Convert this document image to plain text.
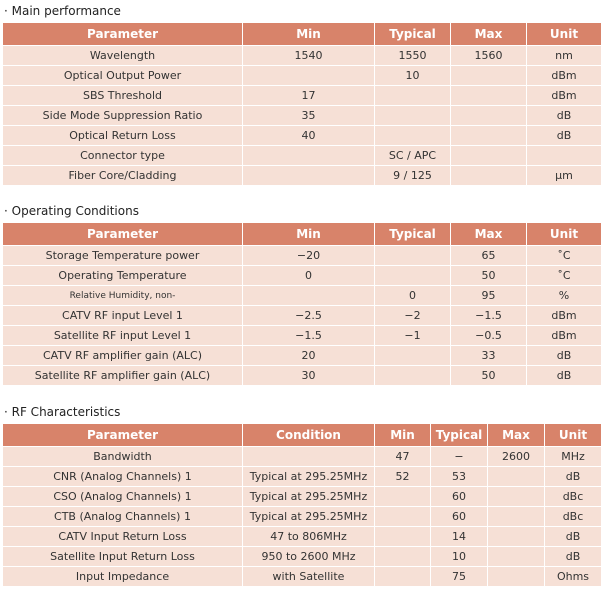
· Main performance
Parameter	Min	Typical	Max	Unit
Wavelength	1540	1550	1560	nm
Optical Output Power		10		dBm
SBS Threshold	17			dBm
Side Mode Suppression Ratio	35			dB
Optical Return Loss	40			dB
Connector type		SC / APC		
Fiber Core/Cladding		9 / 125		μm
· Operating Conditions
Parameter	Min	Typical	Max	Unit
Storage Temperature power	−20		65	˚C
Operating Temperature	0		50	˚C
Relative Humidity, non-		0	95	%
CATV RF input Level 1	−2.5	−2	−1.5	dBm
Satellite RF input Level 1	−1.5	−1	−0.5	dBm
CATV RF amplifier gain (ALC)	20		33	dB
Satellite RF amplifier gain (ALC)	30		50	dB
· RF Characteristics
Parameter	Condition	Min	Typical	Max	Unit
Bandwidth		47	−	2600	MHz
CNR (Analog Channels) 1	Typical at 295.25MHz	52	53		dB
CSO (Analog Channels) 1	Typical at 295.25MHz		60		dBc
CTB (Analog Channels) 1	Typical at 295.25MHz		60		dBc
CATV Input Return Loss	47 to 806MHz		14		dB
Satellite Input Return Loss	950 to 2600 MHz		10		dB
Input Impedance	with Satellite		75		Ohms
